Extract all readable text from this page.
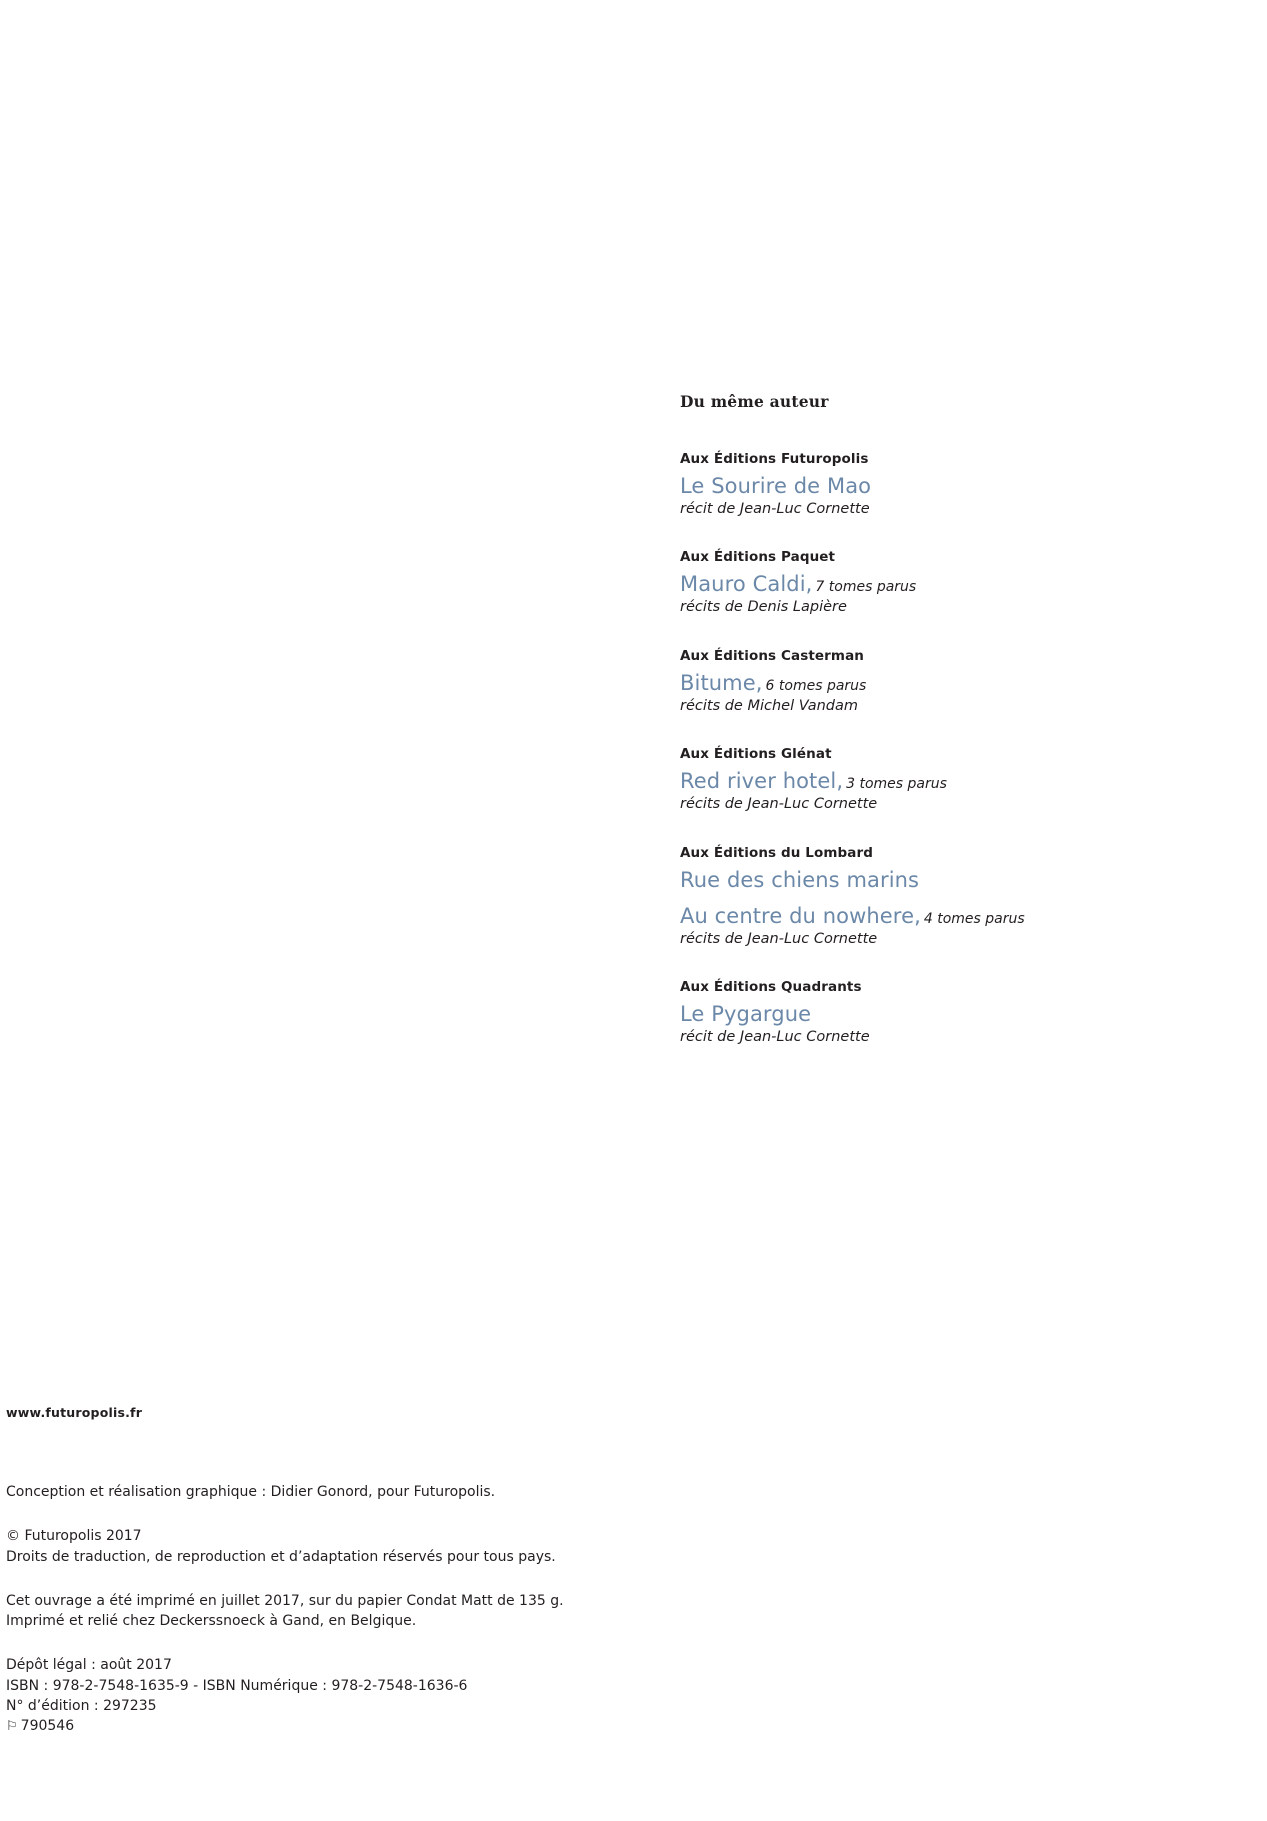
Du même auteur

Aux Éditions Futuropolis

Le Sourire de Mao

récit de Jean-Luc Cornette

Aux Éditions Paquet

Mauro Caldi, 7 tomes parus

récits de Denis Lapière

Aux Éditions Casterman

Bitume, 6 tomes parus

récits de Michel Vandam

Aux Éditions Glénat

Red river hotel, 3 tomes parus

récits de Jean-Luc Cornette

Aux Éditions du Lombard

Rue des chiens marins

Au centre du nowhere, 4 tomes parus

récits de Jean-Luc Cornette

Aux Éditions Quadrants

Le Pygargue

récit de Jean-Luc Cornette

www.futuropolis.fr

Conception et réalisation graphique : Didier Gonord, pour Futuropolis.

© Futuropolis 2017
Droits de traduction, de reproduction et d’adaptation réservés pour tous pays.

Cet ouvrage a été imprimé en juillet 2017, sur du papier Condat Matt de 135 g.
Imprimé et relié chez Deckerssnoeck à Gand, en Belgique.

Dépôt légal : août 2017
ISBN : 978-2-7548-1635-9 - ISBN Numérique : 978-2-7548-1636-6
N° d’édition : 297235
⚐ 790546
